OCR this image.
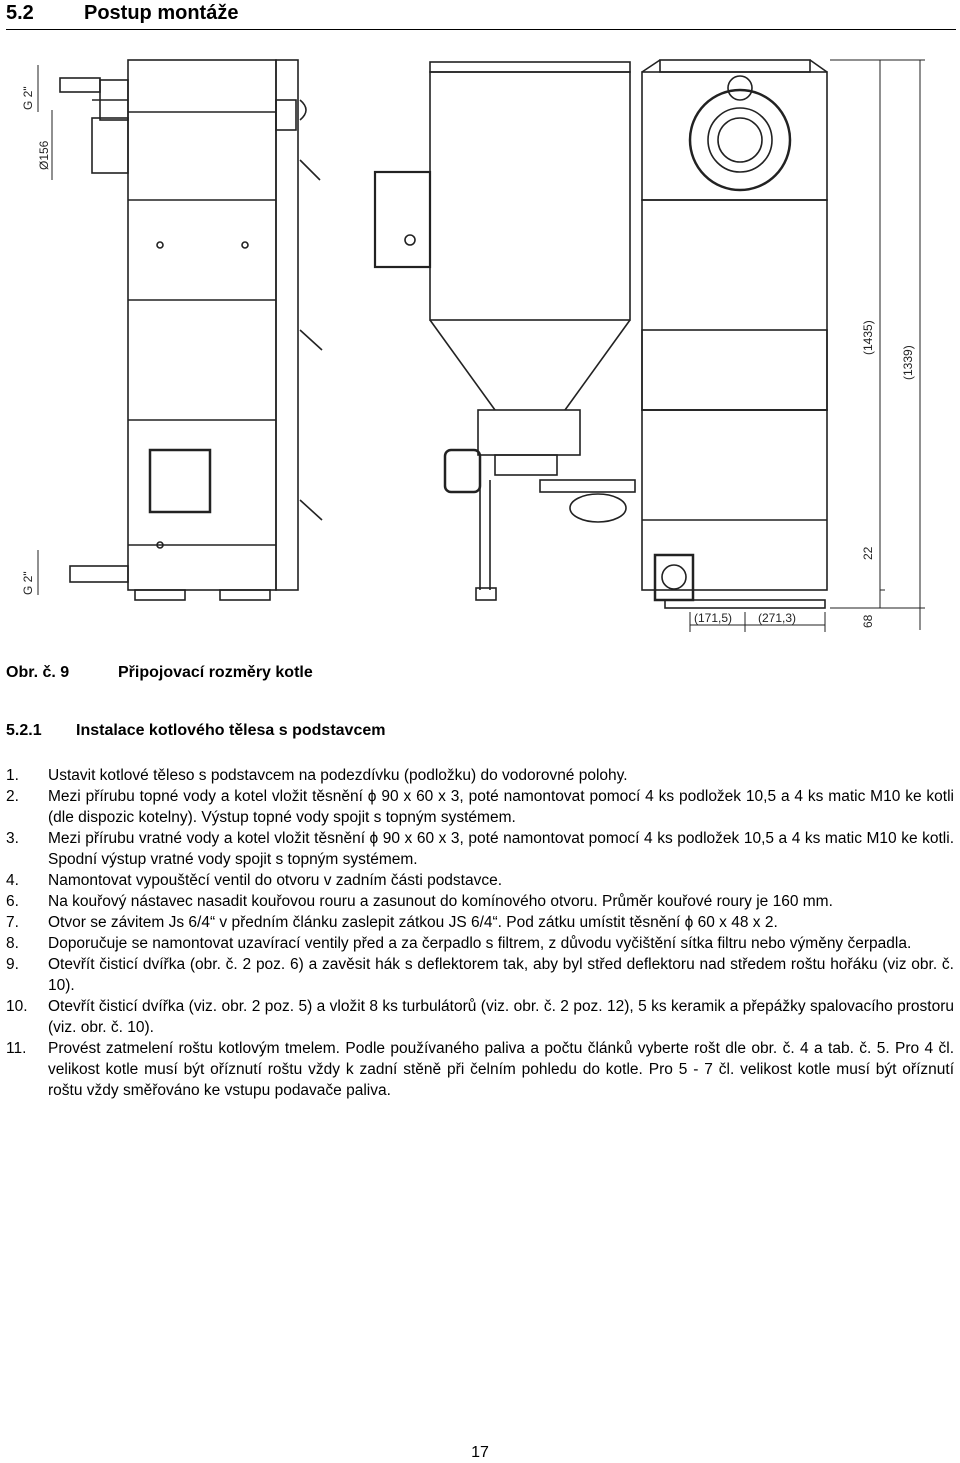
5.2	Postup montáže
G 2"
Ø156
G 2"
(1435)
(1339)
22
68
(171,5) (271,3)
Obr. č. 9	Připojovací rozměry kotle
5.2.1 Instalace kotlového tělesa s podstavcem
1. Ustavit kotlové těleso s podstavcem na podezdívku (podložku) do vodorovné polohy.
2. Mezi přírubu topné vody a kotel vložit těsnění ϕ 90 x 60 x 3, poté namontovat pomocí 4 ks podložek 10,5 a 4 ks matic M10 ke kotli (dle dispozic kotelny). Výstup topné vody spojit s topným systémem.
3. Mezi přírubu vratné vody a kotel vložit těsnění ϕ 90 x 60 x 3, poté namontovat pomocí 4 ks podložek 10,5 a 4 ks matic M10 ke kotli. Spodní výstup vratné vody spojit s topným systémem.
4. Namontovat vypouštěcí ventil do otvoru v zadním části podstavce.
6. Na kouřový nástavec nasadit kouřovou rouru a zasunout do komínového otvoru. Průměr kouřové roury je 160 mm.
7. Otvor se závitem Js 6/4“ v předním článku zaslepit zátkou JS 6/4“. Pod zátku umístit těsnění ϕ 60 x 48 x 2.
8. Doporučuje se namontovat uzavírací ventily před a za čerpadlo s filtrem, z důvodu vyčištění sítka filtru nebo výměny čerpadla.
9. Otevřít čisticí dvířka (obr. č. 2 poz. 6) a zavěsit hák s deflektorem tak, aby byl střed deflektoru nad středem roštu hořáku (viz obr. č. 10).
10. Otevřít čisticí dvířka (viz. obr. 2 poz. 5) a vložit 8 ks turbulátorů (viz. obr. č. 2 poz. 12), 5 ks keramik a přepážky spalovacího prostoru (viz. obr. č. 10).
11. Provést zatmelení roštu kotlovým tmelem. Podle používaného paliva a počtu článků vyberte rošt dle obr. č. 4 a tab. č. 5. Pro 4 čl. velikost kotle musí být oříznutí roštu vždy k zadní stěně při čelním pohledu do kotle. Pro 5 - 7 čl. velikost kotle musí být oříznutí roštu vždy směřováno ke vstupu podavače paliva.
17
